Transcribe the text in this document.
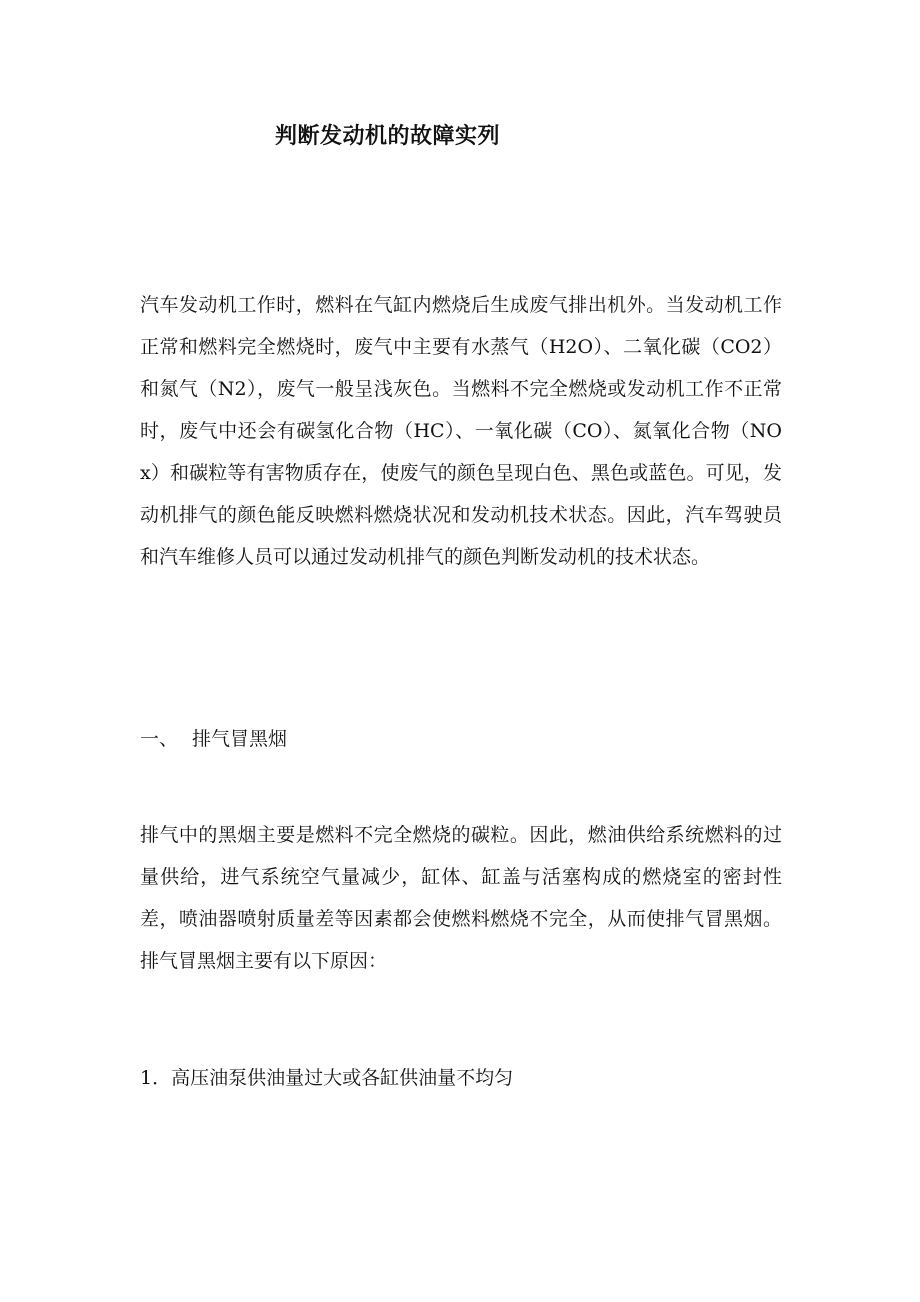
判断发动机的故障实列

汽车发动机工作时，燃料在气缸内燃烧后生成废气排出机外。当发动机工作正常和燃料完全燃烧时，废气中主要有水蒸气（H2O）、二氧化碳（CO2）和氮气（N2），废气一般呈浅灰色。当燃料不完全燃烧或发动机工作不正常时，废气中还会有碳氢化合物（HC）、一氧化碳（CO）、氮氧化合物（NOx）和碳粒等有害物质存在，使废气的颜色呈现白色、黑色或蓝色。可见，发动机排气的颜色能反映燃料燃烧状况和发动机技术状态。因此，汽车驾驶员和汽车维修人员可以通过发动机排气的颜色判断发动机的技术状态。

一、 排气冒黑烟

排气中的黑烟主要是燃料不完全燃烧的碳粒。因此，燃油供给系统燃料的过量供给，进气系统空气量减少，缸体、缸盖与活塞构成的燃烧室的密封性差，喷油器喷射质量差等因素都会使燃料燃烧不完全，从而使排气冒黑烟。排气冒黑烟主要有以下原因：

1．高压油泵供油量过大或各缸供油量不均匀
